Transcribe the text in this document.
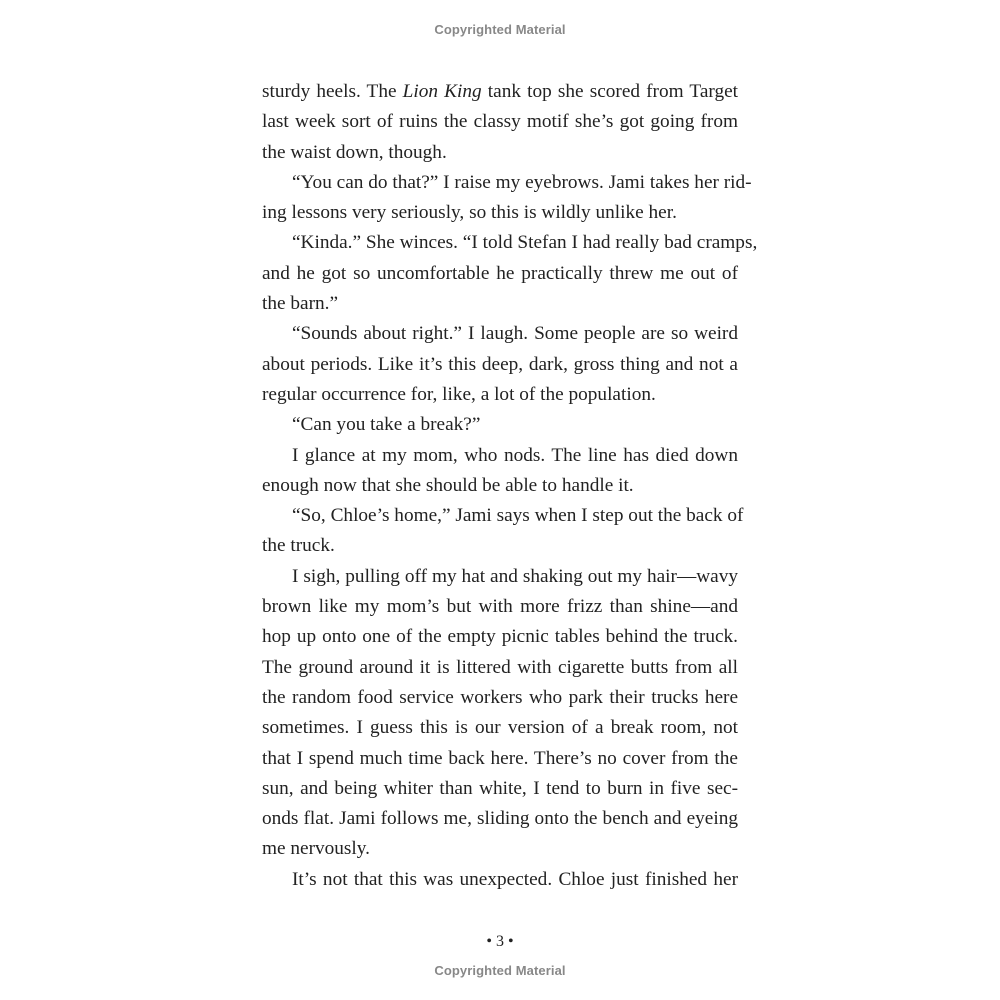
Copyrighted Material
sturdy heels. The Lion King tank top she scored from Target
last week sort of ruins the classy motif she’s got going from
the waist down, though.
“You can do that?” I raise my eyebrows. Jami takes her rid-
ing lessons very seriously, so this is wildly unlike her.
“Kinda.” She winces. “I told Stefan I had really bad cramps,
and he got so uncomfortable he practically threw me out of
the barn.”
“Sounds about right.” I laugh. Some people are so weird
about periods. Like it’s this deep, dark, gross thing and not a
regular occurrence for, like, a lot of the population.
“Can you take a break?”
I glance at my mom, who nods. The line has died down
enough now that she should be able to handle it.
“So, Chloe’s home,” Jami says when I step out the back of
the truck.
I sigh, pulling off my hat and shaking out my hair—wavy
brown like my mom’s but with more frizz than shine—and
hop up onto one of the empty picnic tables behind the truck.
The ground around it is littered with cigarette butts from all
the random food service workers who park their trucks here
sometimes. I guess this is our version of a break room, not
that I spend much time back here. There’s no cover from the
sun, and being whiter than white, I tend to burn in five sec-
onds flat. Jami follows me, sliding onto the bench and eyeing
me nervously.
It’s not that this was unexpected. Chloe just finished her
• 3 •
Copyrighted Material
